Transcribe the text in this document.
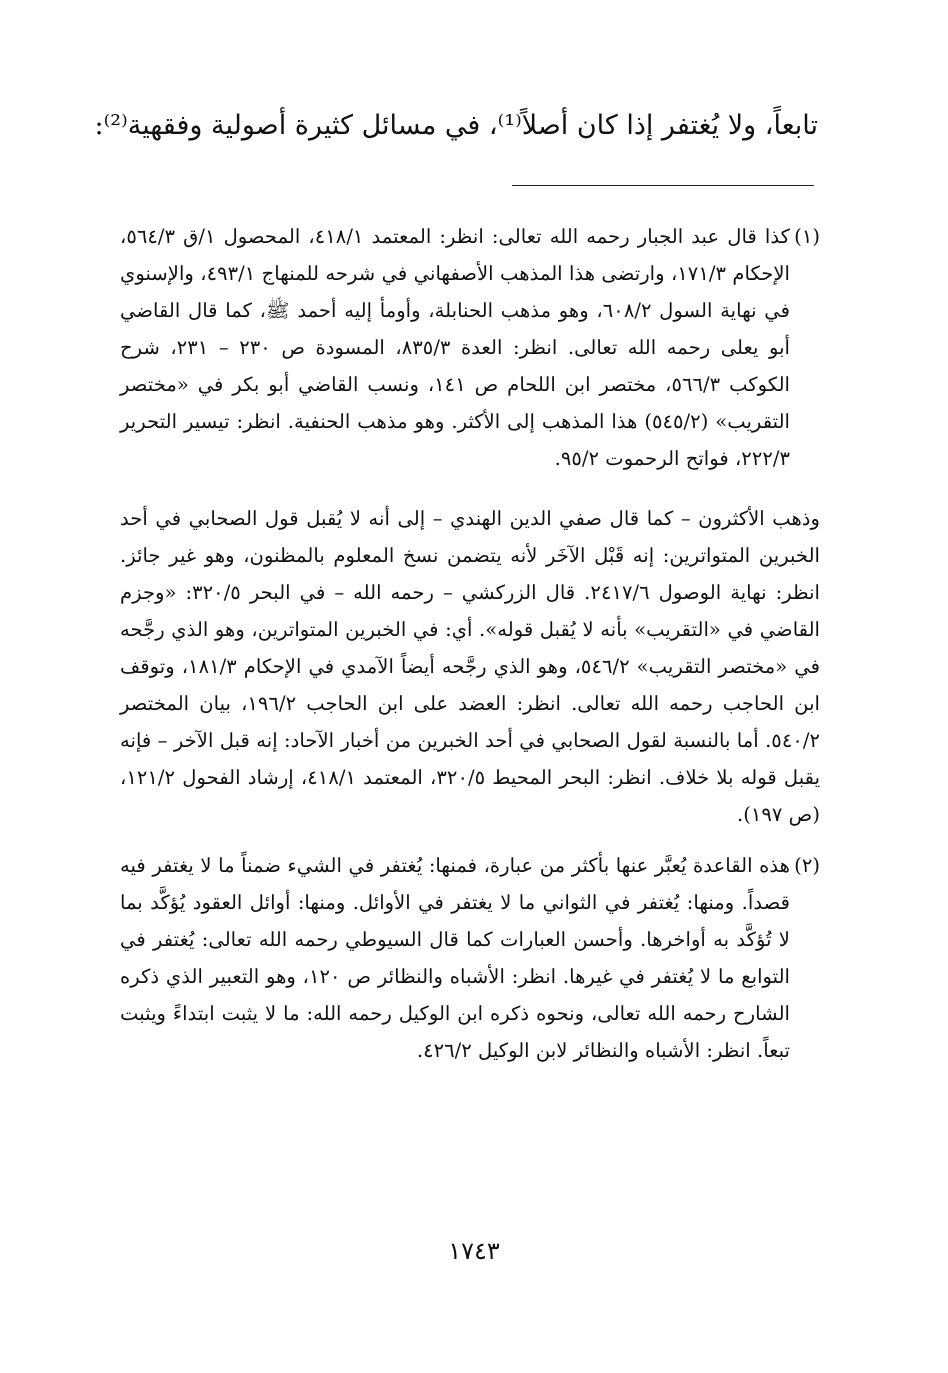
تابعاً، ولا يُغتفر إذا كان أصلاً⁽¹⁾، في مسائل كثيرة أصولية وفقهية⁽²⁾:
(١)

كذا قال عبد الجبار رحمه الله تعالى: انظر: المعتمد ٤١٨/١، المحصول ١/ق ٥٦٤/٣، الإحكام ١٧١/٣، وارتضى هذا المذهب الأصفهاني في شرحه للمنهاج ٤٩٣/١، والإسنوي في نهاية السول ٦٠٨/٢، وهو مذهب الحنابلة، وأومأ إليه أحمد ﷺ، كما قال القاضي أبو يعلى رحمه الله تعالى. انظر: العدة ٨٣٥/٣، المسودة ص ٢٣٠ – ٢٣١، شرح الكوكب ٥٦٦/٣، مختصر ابن اللحام ص ١٤١، ونسب القاضي أبو بكر في «مختصر التقريب» (٥٤٥/٢) هذا المذهب إلى الأكثر. وهو مذهب الحنفية. انظر: تيسير التحرير ٢٢٢/٣، فواتح الرحموت ٩٥/٢.

وذهب الأكثرون – كما قال صفي الدين الهندي – إلى أنه لا يُقبل قول الصحابي في أحد الخبرين المتواترين: إنه قَبْل الآخَر لأنه يتضمن نسخ المعلوم بالمظنون، وهو غير جائز. انظر: نهاية الوصول ٢٤١٧/٦. قال الزركشي – رحمه الله – في البحر ٣٢٠/٥: «وجزم القاضي في «التقريب» بأنه لا يُقبل قوله». أي: في الخبرين المتواترين، وهو الذي رجَّحه في «مختصر التقريب» ٥٤٦/٢، وهو الذي رجَّحه أيضاً الآمدي في الإحكام ١٨١/٣، وتوقف ابن الحاجب رحمه الله تعالى. انظر: العضد على ابن الحاجب ١٩٦/٢، بيان المختصر ٥٤٠/٢. أما بالنسبة لقول الصحابي في أحد الخبرين من أخبار الآحاد: إنه قبل الآخر – فإنه يقبل قوله بلا خلاف. انظر: البحر المحيط ٣٢٠/٥، المعتمد ٤١٨/١، إرشاد الفحول ١٢١/٢، (ص ١٩٧).

(٢)

هذه القاعدة يُعبَّر عنها بأكثر من عبارة، فمنها: يُغتفر في الشيء ضمناً ما لا يغتفر فيه قصداً. ومنها: يُغتفر في الثواني ما لا يغتفر في الأوائل. ومنها: أوائل العقود يُؤكَّد بما لا تُؤكَّد به أواخرها. وأحسن العبارات كما قال السيوطي رحمه الله تعالى: يُغتفر في التوابع ما لا يُغتفر في غيرها. انظر: الأشباه والنظائر ص ١٢٠، وهو التعبير الذي ذكره الشارح رحمه الله تعالى، ونحوه ذكره ابن الوكيل رحمه الله: ما لا يثبت ابتداءً ويثبت تبعاً. انظر: الأشباه والنظائر لابن الوكيل ٤٢٦/٢.

١٧٤٣
